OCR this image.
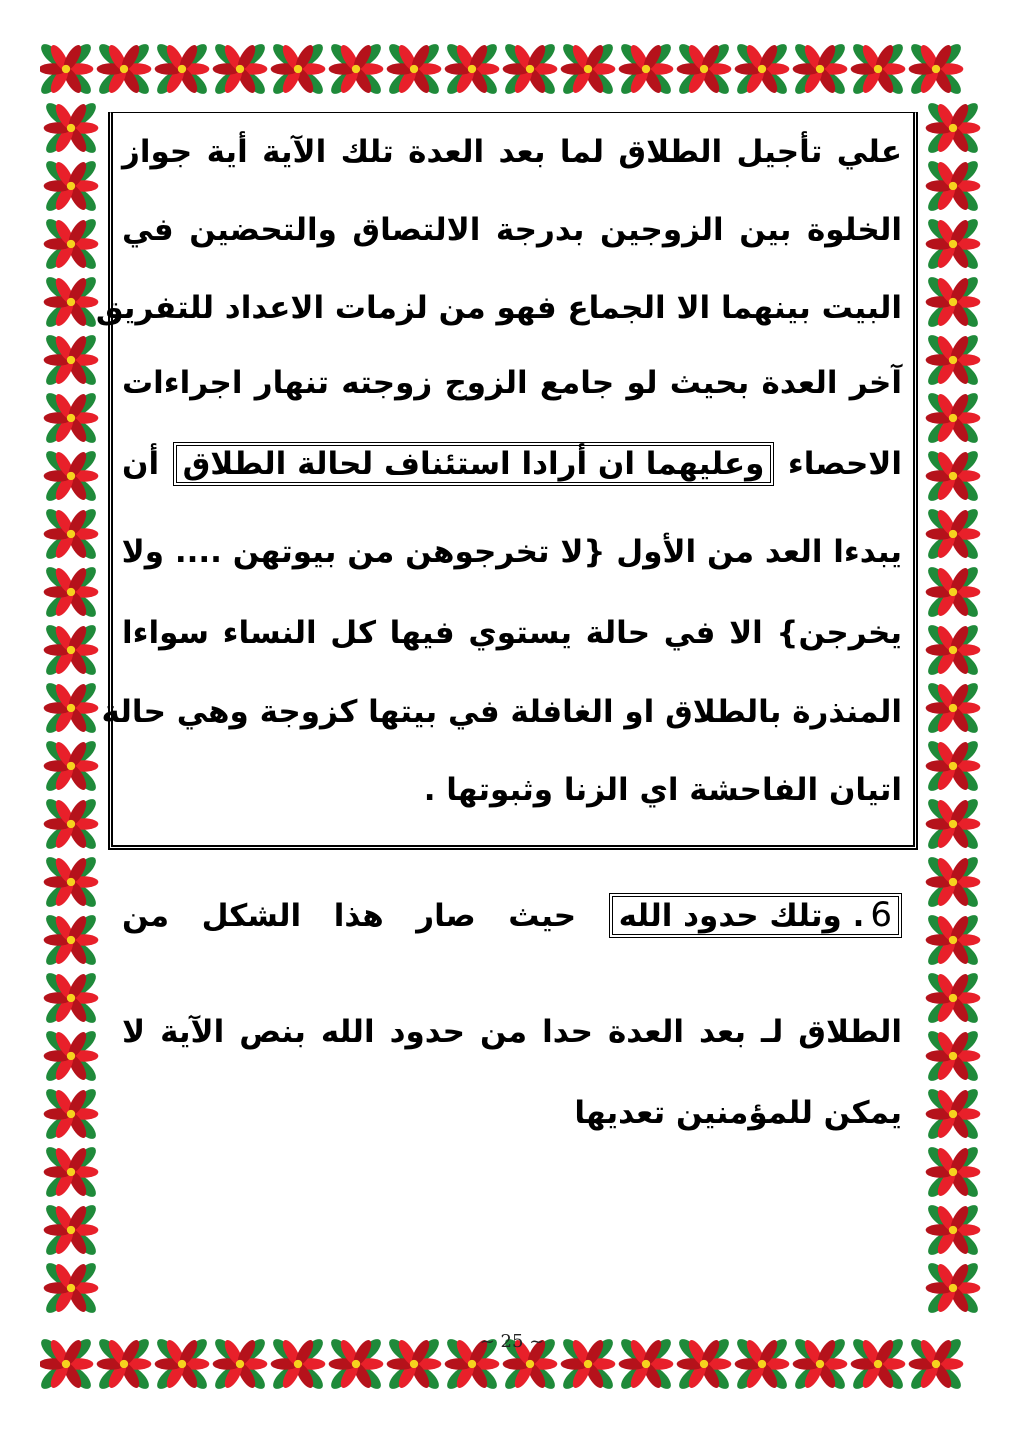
علي تأجيل الطلاق لما بعد العدة تلك الآية أية جواز
الخلوة بين الزوجين بدرجة الالتصاق والتحضين في
البيت بينهما الا الجماع فهو من لزمات الاعداد للتفريق
آخر العدة بحيث لو جامع الزوج زوجته تنهار اجراءات
الاحصاء وعليهما ان أرادا استئناف لحالة الطلاق أن
يبدءا العد من الأول {لا تخرجوهن من بيوتهن .... ولا
يخرجن} الا في حالة يستوي فيها كل النساء سواءا
المنذرة بالطلاق او الغافلة في بيتها كزوجة وهي حالة
اتيان الفاحشة اي الزنا وثبوتها .
6. وتلك حدود الله حيث صار هذا الشكل من
الطلاق لـ بعد العدة حدا من حدود الله بنص الآية لا
يمكن للمؤمنين تعديها
~ 25 ~
